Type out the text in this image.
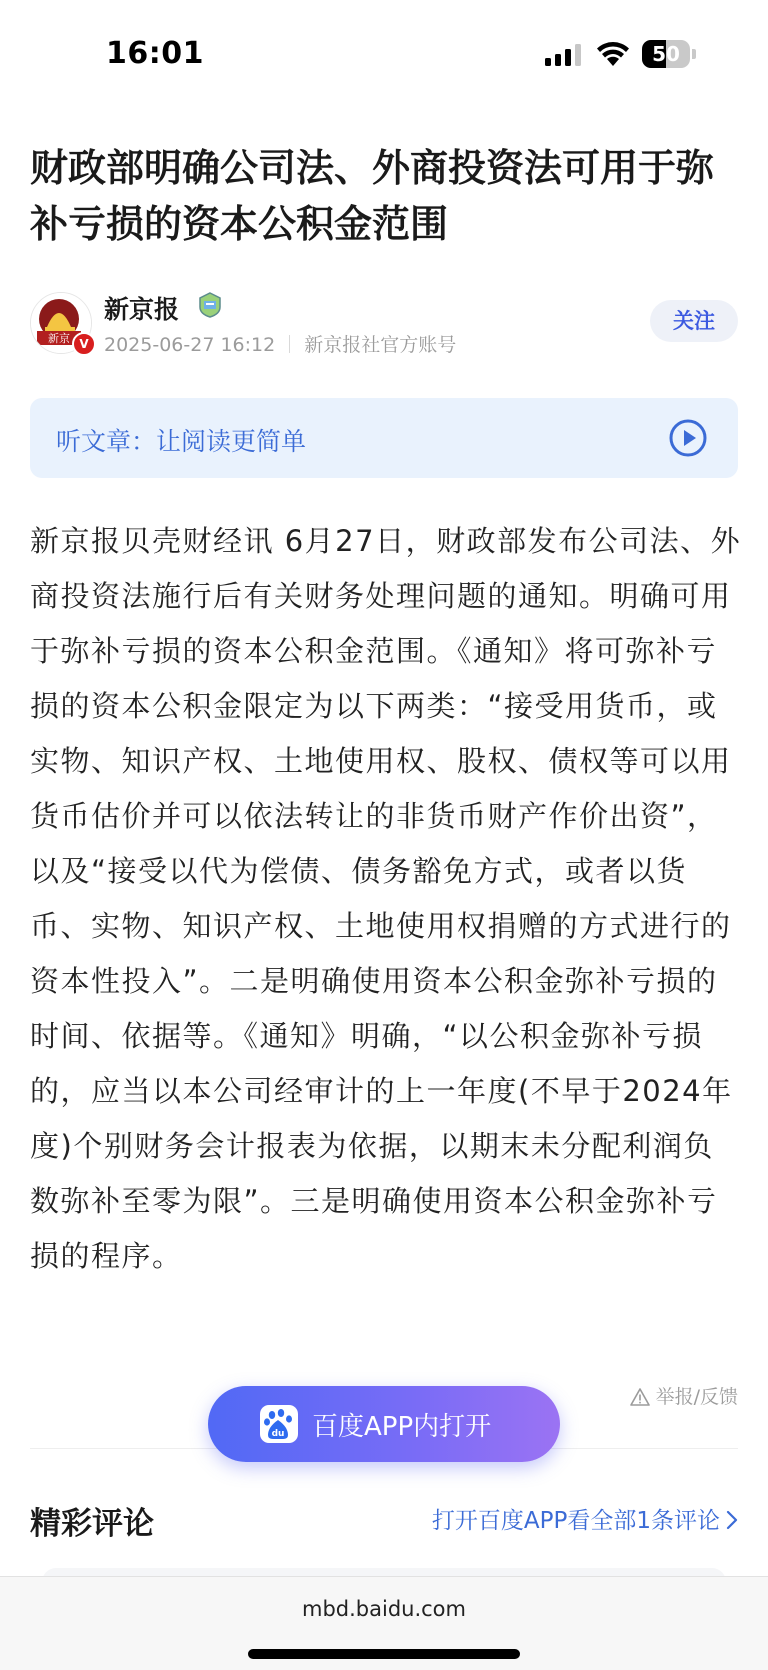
16:01	50
财政部明确公司法、外商投资法可用于弥补亏损的资本公积金范围
新京 V
新京报
2025-06-27 16:12 新京报社官方账号
关注
听文章：让阅读更简单

新京报贝壳财经讯 6月27日，财政部发布公司法、外商投资法施行后有关财务处理问题的通知。明确可用于弥补亏损的资本公积金范围。《通知》将可弥补亏损的资本公积金限定为以下两类：“接受用货币，或实物、知识产权、土地使用权、股权、债权等可以用货币估价并可以依法转让的非货币财产作价出资”，以及“接受以代为偿债、债务豁免方式，或者以货币、实物、知识产权、土地使用权捐赠的方式进行的资本性投入”。二是明确使用资本公积金弥补亏损的时间、依据等。《通知》明确，“以公积金弥补亏损的，应当以本公司经审计的上一年度(不早于2024年度)个别财务会计报表为依据，以期末未分配利润负数弥补至零为限”。三是明确使用资本公积金弥补亏损的程序。

举报/反馈
du 百度APP内打开
精彩评论	打开百度APP看全部1条评论
mbd.baidu.com
